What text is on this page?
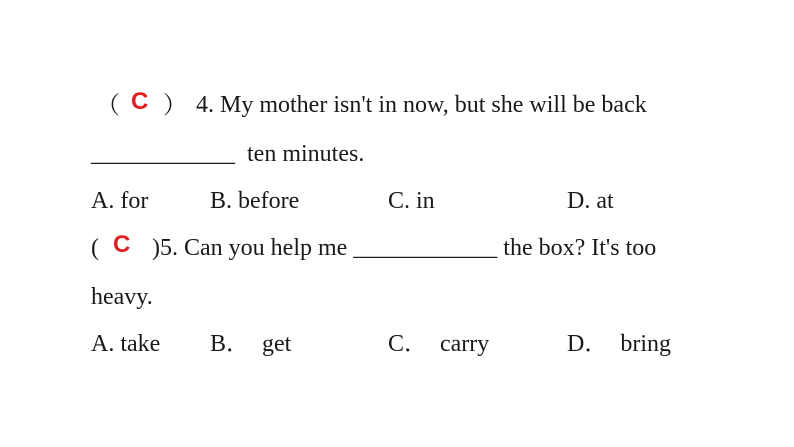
（ C ） 4. My mother isn't in now, but she will be back
____________  ten minutes.
A. for	B. before	C. in	D. at
( C ) 5. Can you help me ____________ the box? It's too
heavy.
A. take B．  get	C．  carry	D．  bring
